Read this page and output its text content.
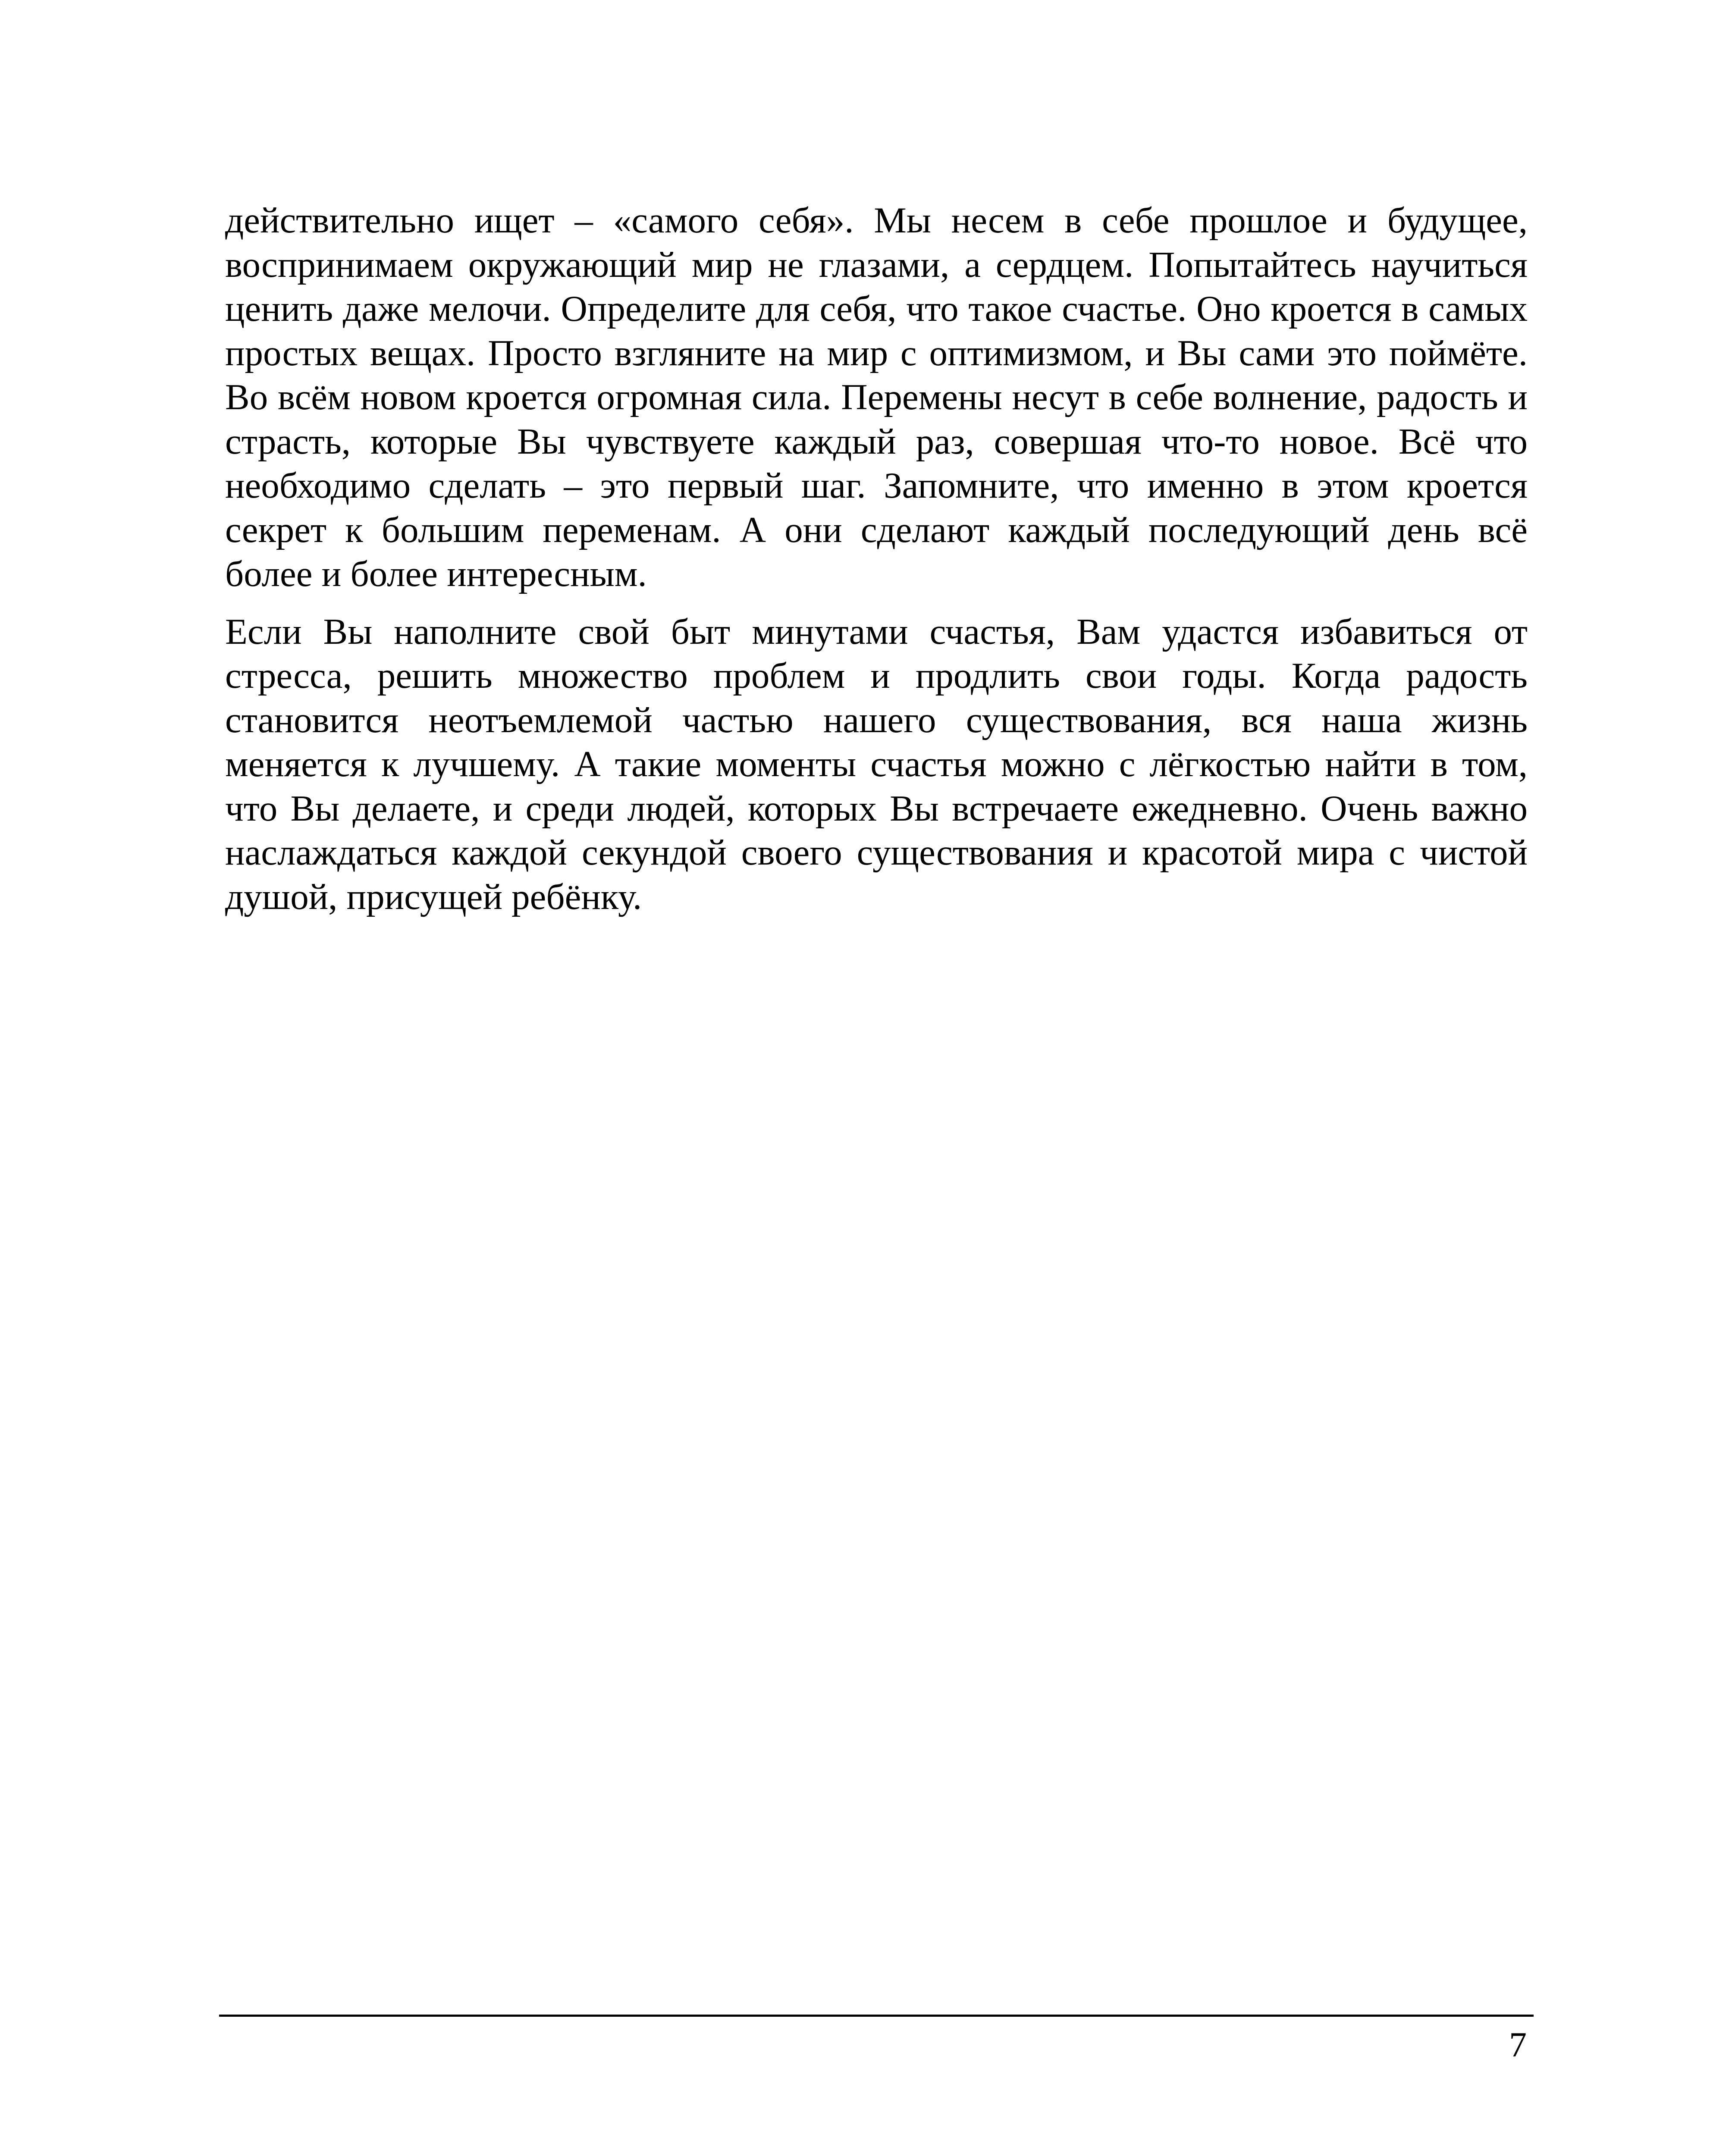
действительно ищет – «самого себя». Мы несем в себе прошлое и будущее, воспринимаем окружающий мир не глазами, а сердцем. Попытайтесь научиться ценить даже мелочи. Определите для себя, что такое счастье. Оно кроется в самых простых вещах. Просто взгляните на мир с оптимизмом, и Вы сами это поймёте. Во всём новом кроется огромная сила. Перемены несут в себе волнение, радость и страсть, которые Вы чувствуете каждый раз, совершая что-то новое. Всё что необходимо сделать – это первый шаг. Запомните, что именно в этом кроется секрет к большим переменам. А они сделают каждый последующий день всё более и более интересным.

Если Вы наполните свой быт минутами счастья, Вам удастся избавиться от стресса, решить множество проблем и продлить свои годы. Когда радость становится неотъемлемой частью нашего существования, вся наша жизнь меняется к лучшему. А такие моменты счастья можно с лёгкостью найти в том, что Вы делаете, и среди людей, которых Вы встречаете ежедневно. Очень важно наслаждаться каждой секундой своего существования и красотой мира с чистой душой, присущей ребёнку.

7
